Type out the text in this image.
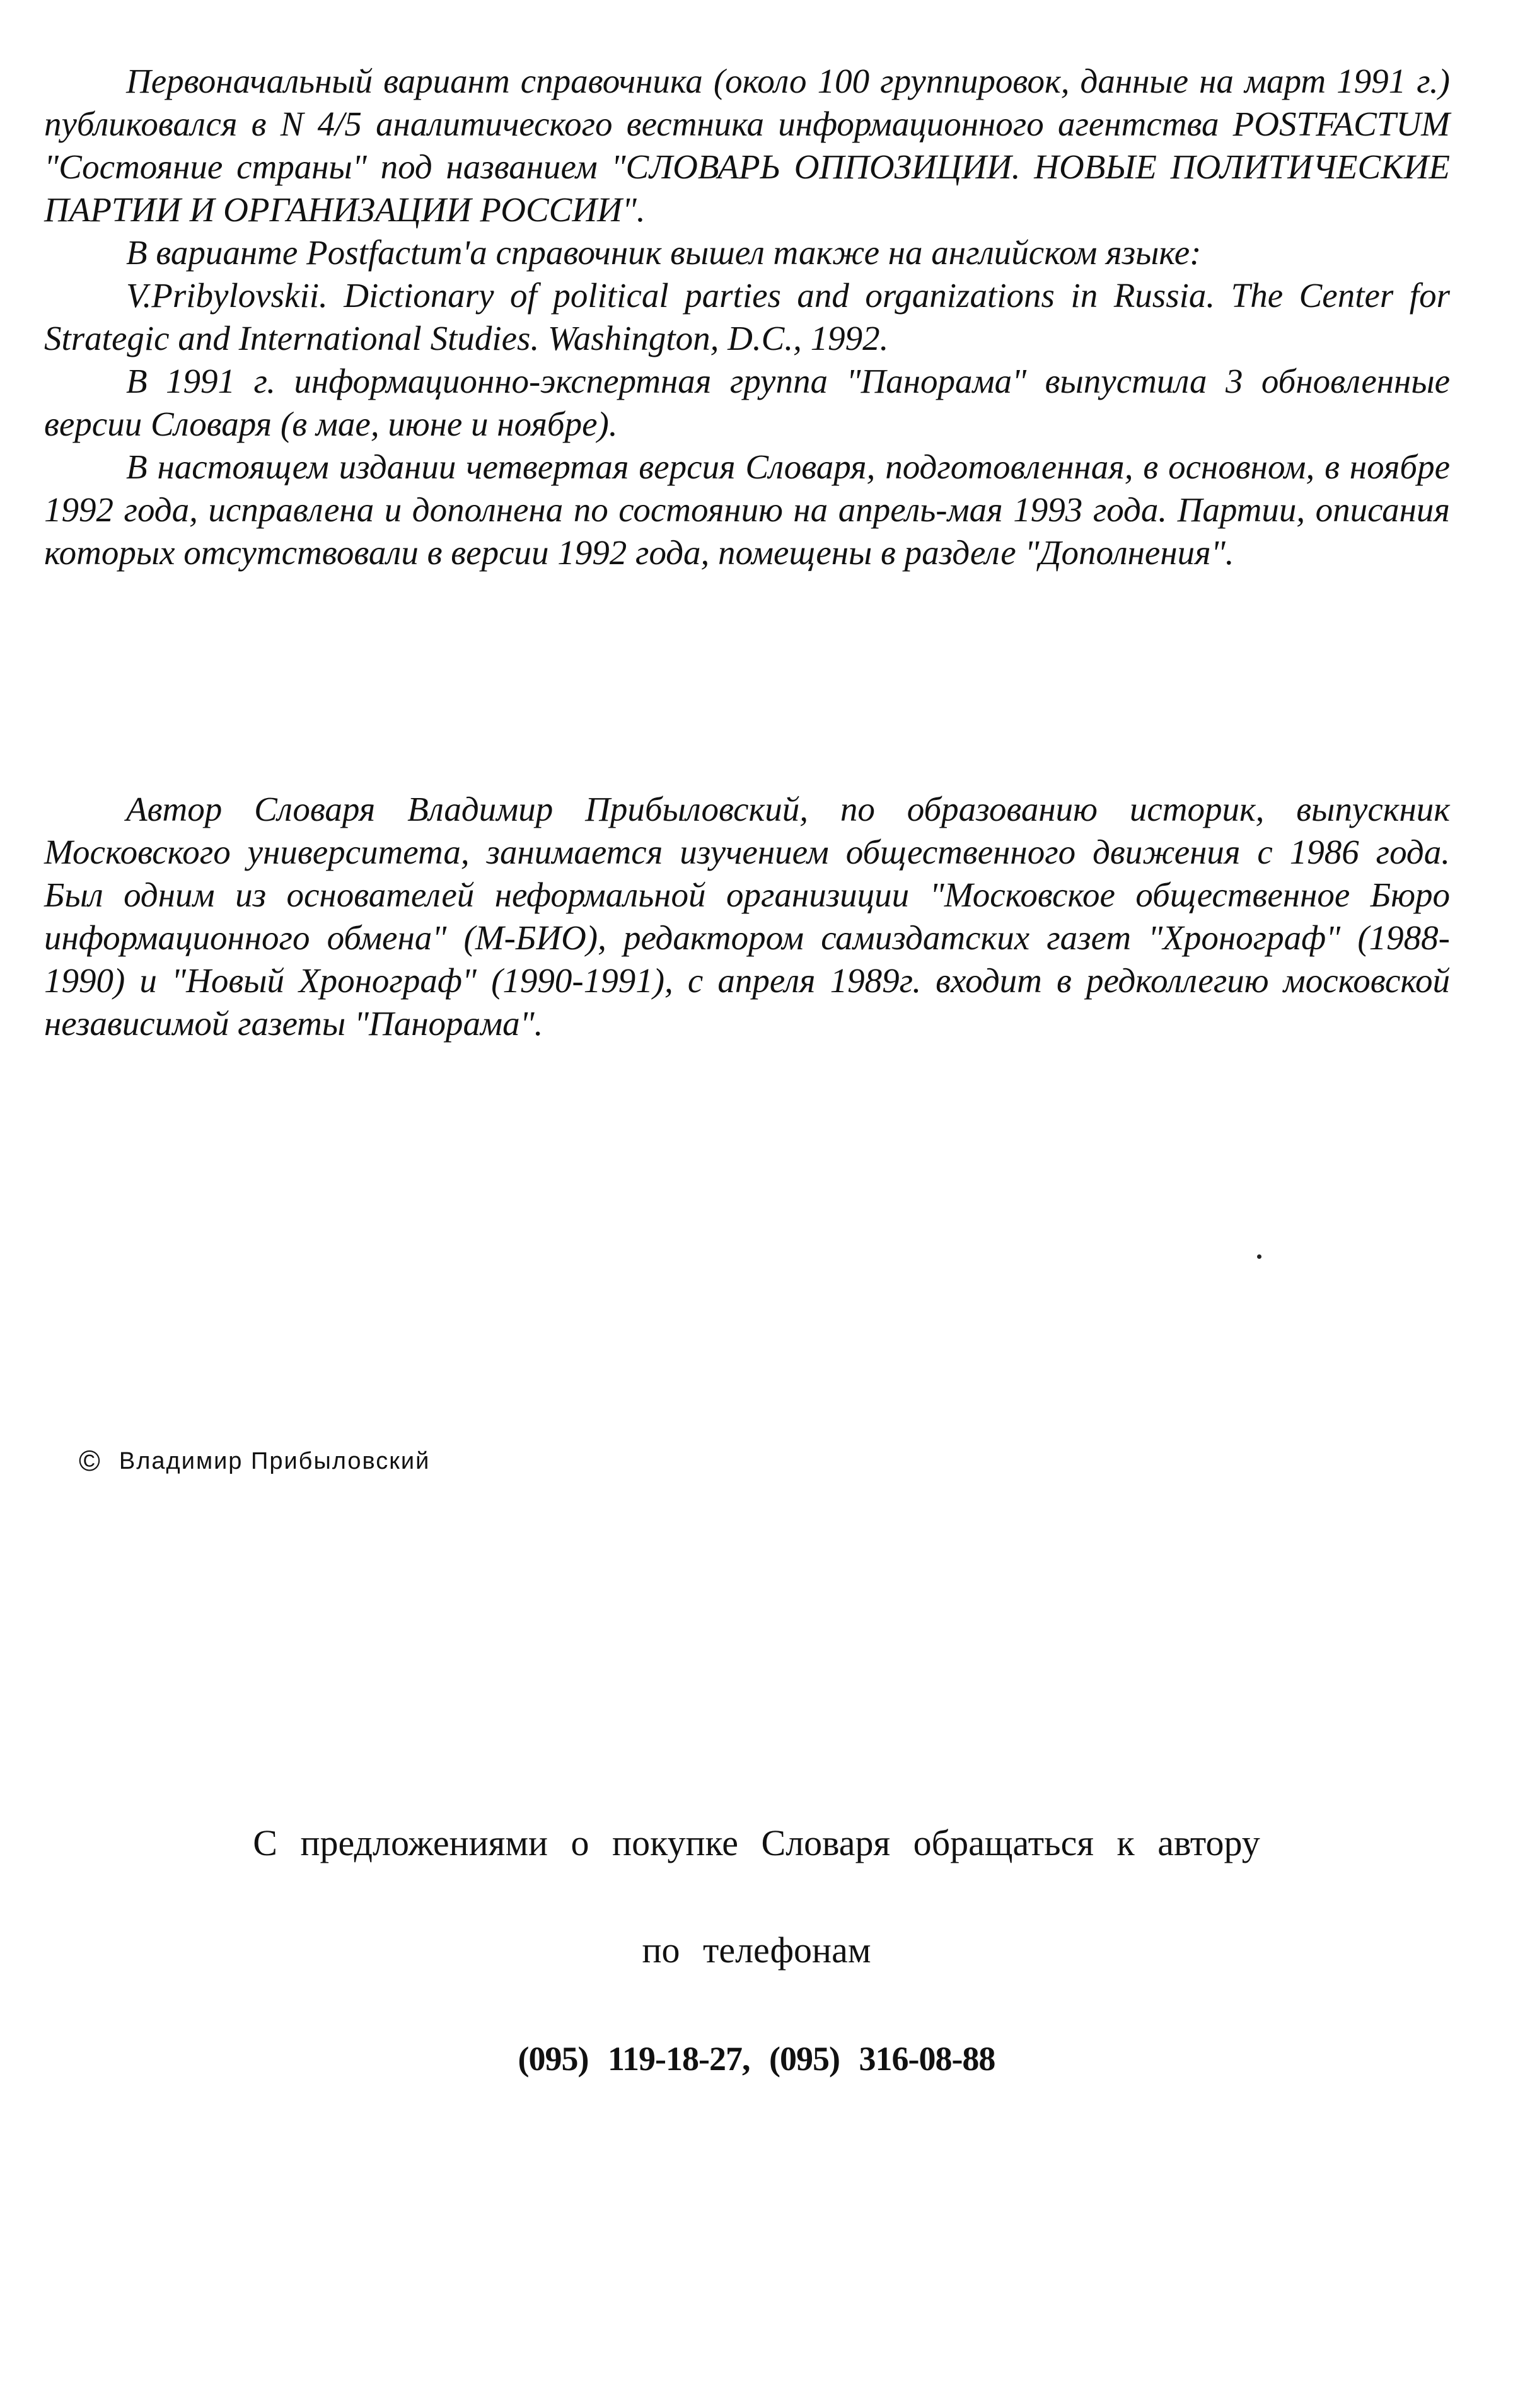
Первоначальный вариант справочника (около 100 группировок, данные на март 1991 г.) публиковался в N 4/5 аналитического вестника информационного агентства POSTFACTUM "Состояние страны" под названием "СЛОВАРЬ ОППОЗИЦИИ. НОВЫЕ ПОЛИТИЧЕСКИЕ ПАРТИИ И ОРГАНИЗАЦИИ РОССИИ".

В варианте Postfactum'а справочник вышел также на английском языке:

V.Pribylovskii. Dictionary of political parties and organizations in Russia. The Center for Strategic and International Studies. Washington, D.C., 1992.

В 1991 г. информационно-экспертная группа "Панорама" выпустила 3 обновленные версии Словаря (в мае, июне и ноябре).

В настоящем издании четвертая версия Словаря, подготовленная, в основном, в ноябре 1992 года, исправлена и дополнена по состоянию на апрель-мая 1993 года. Партии, описания которых отсутствовали в версии 1992 года, помещены в разделе "Дополнения".

Автор Словаря Владимир Прибыловский, по образованию историк, выпускник Московского университета, занимается изучением общественного движения с 1986 года. Был одним из основателей неформальной организиции "Московское общественное Бюро информационного обмена" (М-БИО), редактором самиздатских газет "Хронограф" (1988-1990) и "Новый Хронограф" (1990-1991), с апреля 1989г. входит в редколлегию московской независимой газеты "Панорама".

© Владимир Прибыловский
С предложениями о покупке Словаря обращаться к автору
по телефонам
(095) 119-18-27, (095) 316-08-88
